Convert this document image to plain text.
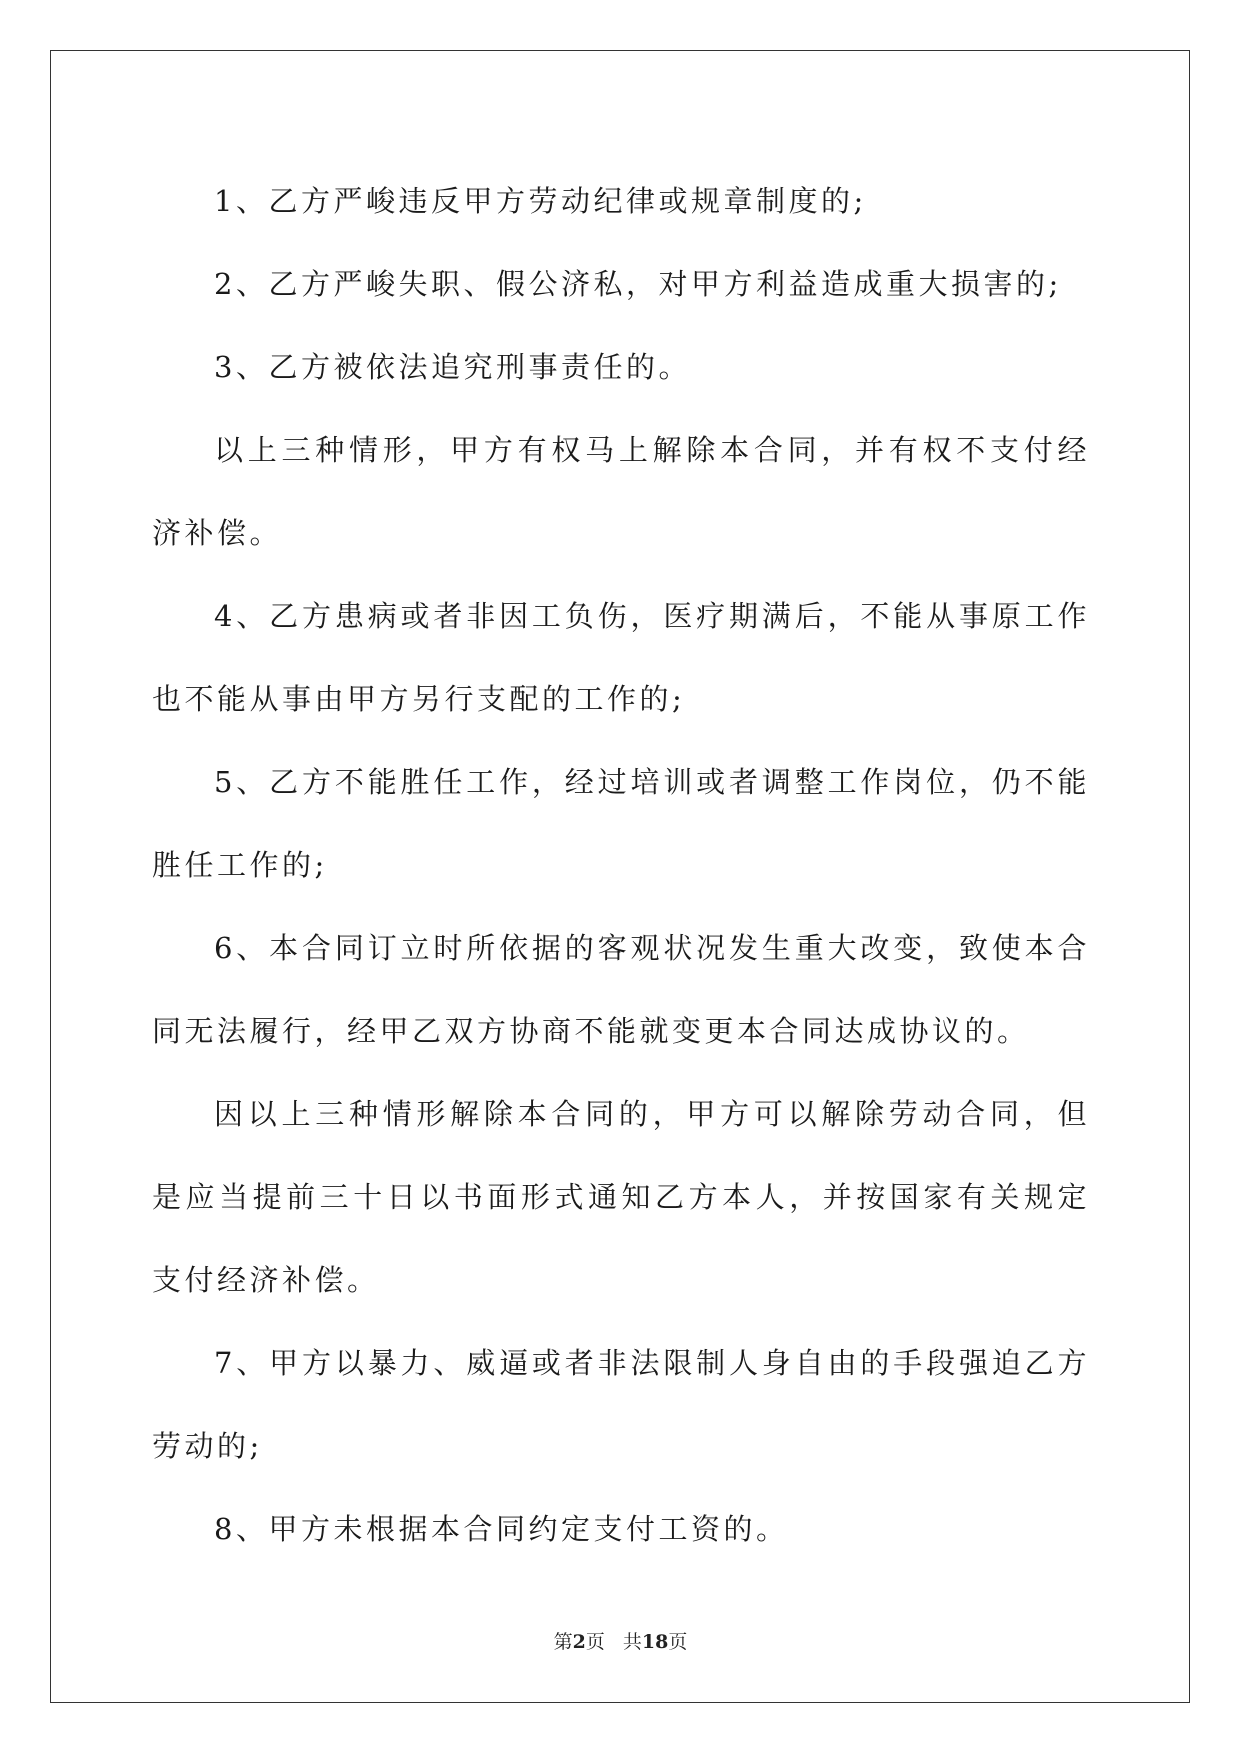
1、乙方严峻违反甲方劳动纪律或规章制度的;

2、乙方严峻失职、假公济私，对甲方利益造成重大损害的;

3、乙方被依法追究刑事责任的。

以上三种情形，甲方有权马上解除本合同，并有权不支付经济补偿。

4、乙方患病或者非因工负伤，医疗期满后，不能从事原工作也不能从事由甲方另行支配的工作的;

5、乙方不能胜任工作，经过培训或者调整工作岗位，仍不能胜任工作的;

6、本合同订立时所依据的客观状况发生重大改变，致使本合同无法履行，经甲乙双方协商不能就变更本合同达成协议的。

因以上三种情形解除本合同的，甲方可以解除劳动合同，但是应当提前三十日以书面形式通知乙方本人，并按国家有关规定支付经济补偿。

7、甲方以暴力、威逼或者非法限制人身自由的手段强迫乙方劳动的;

8、甲方未根据本合同约定支付工资的。

第2页 共18页
